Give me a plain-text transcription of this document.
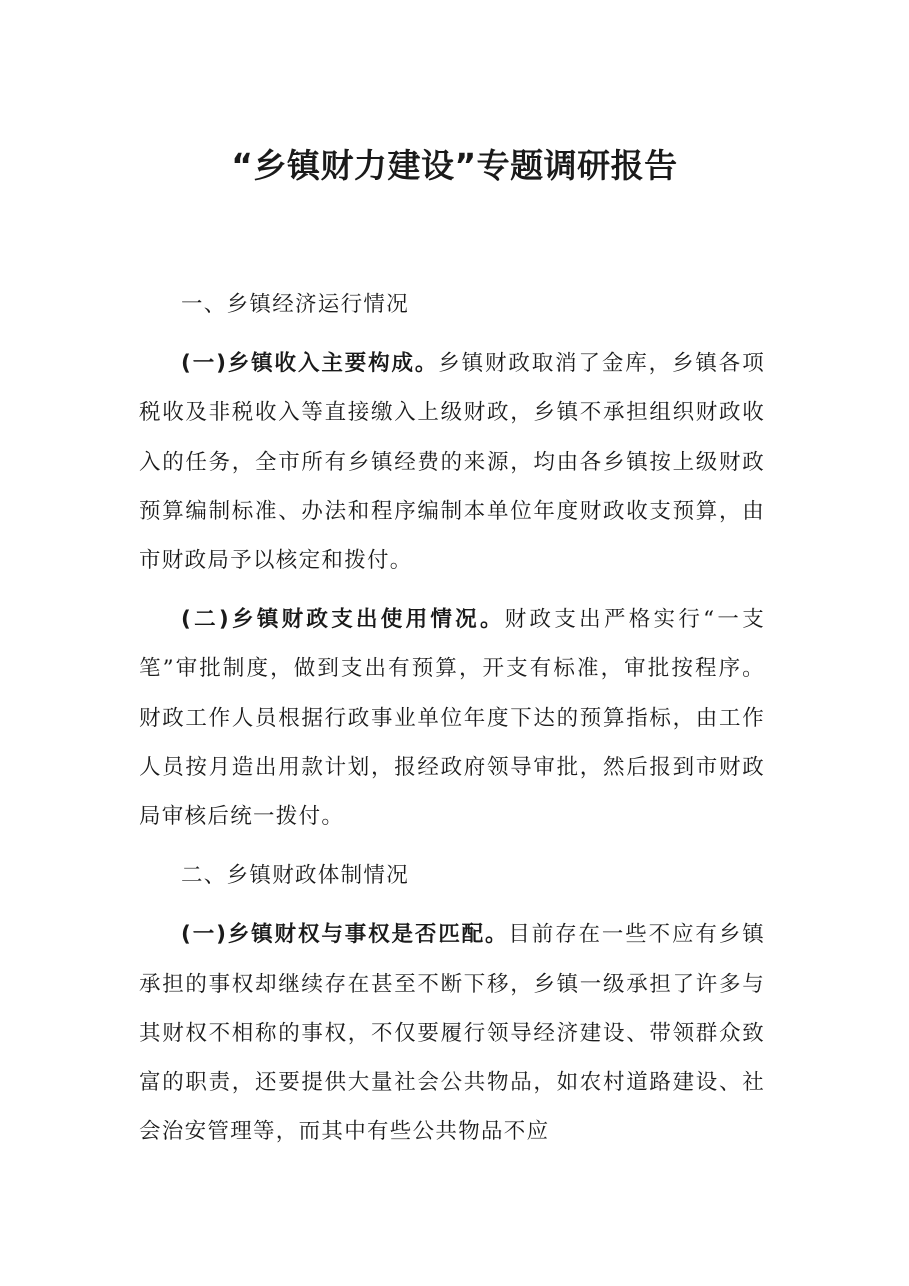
“乡镇财力建设”专题调研报告

一、乡镇经济运行情况

(一)乡镇收入主要构成。乡镇财政取消了金库，乡镇各项税收及非税收入等直接缴入上级财政，乡镇不承担组织财政收入的任务，全市所有乡镇经费的来源，均由各乡镇按上级财政预算编制标准、办法和程序编制本单位年度财政收支预算，由市财政局予以核定和拨付。

(二)乡镇财政支出使用情况。财政支出严格实行“一支笔”审批制度，做到支出有预算，开支有标准，审批按程序。财政工作人员根据行政事业单位年度下达的预算指标，由工作人员按月造出用款计划，报经政府领导审批，然后报到市财政局审核后统一拨付。

二、乡镇财政体制情况

(一)乡镇财权与事权是否匹配。目前存在一些不应有乡镇承担的事权却继续存在甚至不断下移，乡镇一级承担了许多与其财权不相称的事权，不仅要履行领导经济建设、带领群众致富的职责，还要提供大量社会公共物品，如农村道路建设、社会治安管理等，而其中有些公共物品不应
